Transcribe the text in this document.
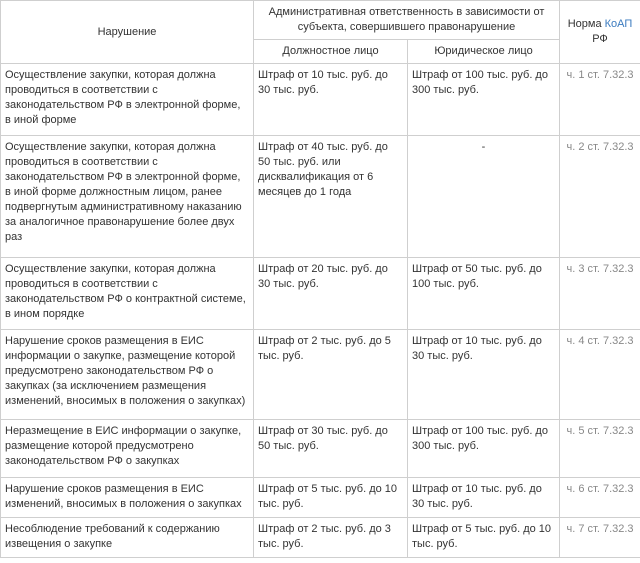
Нарушение	Административная ответственность в зависимости от субъекта, совершившего правонарушение		Норма КоАП РФ
	Должностное лицо	Юридическое лицо	
Осуществление закупки, которая должна проводиться в соответствии с законодательством РФ в электронной форме, в иной форме	Штраф от 10 тыс. руб. до 30 тыс. руб.	Штраф от 100 тыс. руб. до 300 тыс. руб.	ч. 1 ст. 7.32.3
Осуществление закупки, которая должна проводиться в соответствии с законодательством РФ в электронной форме, в иной форме должностным лицом, ранее подвергнутым административному наказанию за аналогичное правонарушение более двух раз	Штраф от 40 тыс. руб. до 50 тыс. руб. или дисквалификация от 6 месяцев до 1 года	-	ч. 2 ст. 7.32.3
Осуществление закупки, которая должна проводиться в соответствии с законодательством РФ о контрактной системе, в ином порядке	Штраф от 20 тыс. руб. до 30 тыс. руб.	Штраф от 50 тыс. руб. до 100 тыс. руб.	ч. 3 ст. 7.32.3
Нарушение сроков размещения в ЕИС информации о закупке, размещение которой предусмотрено законодательством РФ о закупках (за исключением размещения изменений, вносимых в положения о закупках)	Штраф от 2 тыс. руб. до 5 тыс. руб.	Штраф от 10 тыс. руб. до 30 тыс. руб.	ч. 4 ст. 7.32.3
Неразмещение в ЕИС информации о закупке, размещение которой предусмотрено законодательством РФ о закупках	Штраф от 30 тыс. руб. до 50 тыс. руб.	Штраф от 100 тыс. руб. до 300 тыс. руб.	ч. 5 ст. 7.32.3
Нарушение сроков размещения в ЕИС изменений, вносимых в положения о закупках	Штраф от 5 тыс. руб. до 10 тыс. руб.	Штраф от 10 тыс. руб. до 30 тыс. руб.	ч. 6 ст. 7.32.3
Несоблюдение требований к содержанию извещения о закупке	Штраф от 2 тыс. руб. до 3 тыс. руб.	Штраф от 5 тыс. руб. до 10 тыс. руб.	ч. 7 ст. 7.32.3
